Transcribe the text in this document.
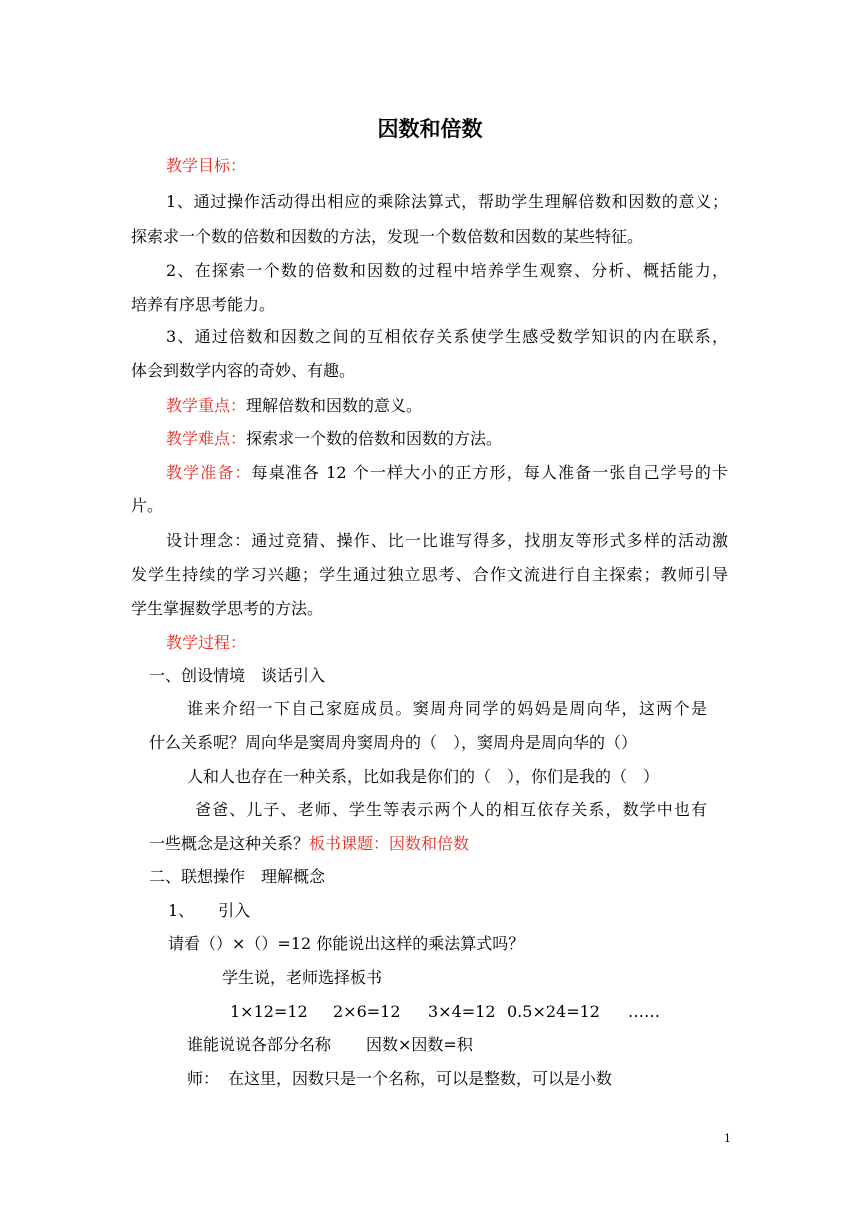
因数和倍数
教学目标：
1、通过操作活动得出相应的乘除法算式，帮助学生理解倍数和因数的意义；
探索求一个数的倍数和因数的方法，发现一个数倍数和因数的某些特征。
2、在探索一个数的倍数和因数的过程中培养学生观察、分析、概括能力，
培养有序思考能力。
3、通过倍数和因数之间的互相依存关系使学生感受数学知识的内在联系，
体会到数学内容的奇妙、有趣。
教学重点：理解倍数和因数的意义。
教学难点：探索求一个数的倍数和因数的方法。
教学准备：每桌准各 12 个一样大小的正方形，每人准备一张自己学号的卡
片。
设计理念：通过竞猜、操作、比一比谁写得多，找朋友等形式多样的活动激
发学生持续的学习兴趣；学生通过独立思考、合作文流进行自主探索；教师引导
学生掌握数学思考的方法。
教学过程：
一、创设情境　谈话引入
谁来介绍一下自己家庭成员。窦周舟同学的妈妈是周向华，这两个是
什么关系呢？周向华是窦周舟窦周舟的（　），窦周舟是周向华的（）
人和人也存在一种关系，比如我是你们的（　），你们是我的（　）
爸爸、儿子、老师、学生等表示两个人的相互依存关系，数学中也有
一些概念是这种关系？板书课题：因数和倍数
二、联想操作　理解概念
1、　　引入
请看（）×（）=12 你能说出这样的乘法算式吗？
学生说，老师选择板书
1×12=12 2×6=12 3×4=12 0.5×24=12 ……
谁能说说各部分名称 因数×因数=积
师： 在这里，因数只是一个名称，可以是整数，可以是小数
1
